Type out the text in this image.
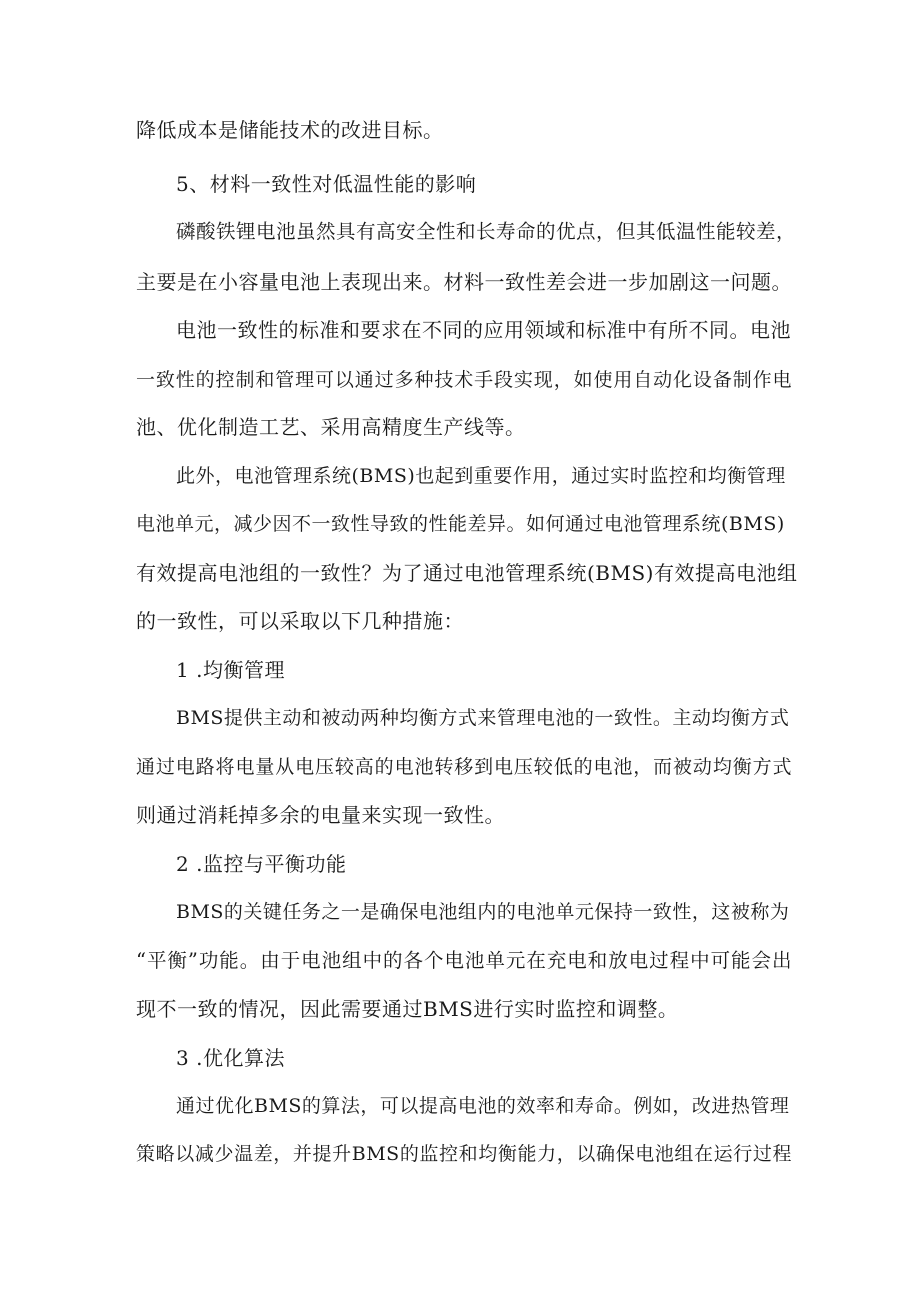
降低成本是储能技术的改进目标。
5、材料一致性对低温性能的影响
磷酸铁锂电池虽然具有高安全性和长寿命的优点，但其低温性能较差，
主要是在小容量电池上表现出来。材料一致性差会进一步加剧这一问题。
电池一致性的标准和要求在不同的应用领域和标准中有所不同。电池
一致性的控制和管理可以通过多种技术手段实现，如使用自动化设备制作电
池、优化制造工艺、采用高精度生产线等。
此外，电池管理系统(BMS)也起到重要作用，通过实时监控和均衡管理
电池单元，减少因不一致性导致的性能差异。如何通过电池管理系统(BMS)
有效提高电池组的一致性？为了通过电池管理系统(BMS)有效提高电池组
的一致性，可以采取以下几种措施：
1 .均衡管理
BMS提供主动和被动两种均衡方式来管理电池的一致性。主动均衡方式
通过电路将电量从电压较高的电池转移到电压较低的电池，而被动均衡方式
则通过消耗掉多余的电量来实现一致性。
2 .监控与平衡功能
BMS的关键任务之一是确保电池组内的电池单元保持一致性，这被称为
“平衡”功能。由于电池组中的各个电池单元在充电和放电过程中可能会出
现不一致的情况，因此需要通过BMS进行实时监控和调整。
3 .优化算法
通过优化BMS的算法，可以提高电池的效率和寿命。例如，改进热管理
策略以减少温差，并提升BMS的监控和均衡能力，以确保电池组在运行过程
